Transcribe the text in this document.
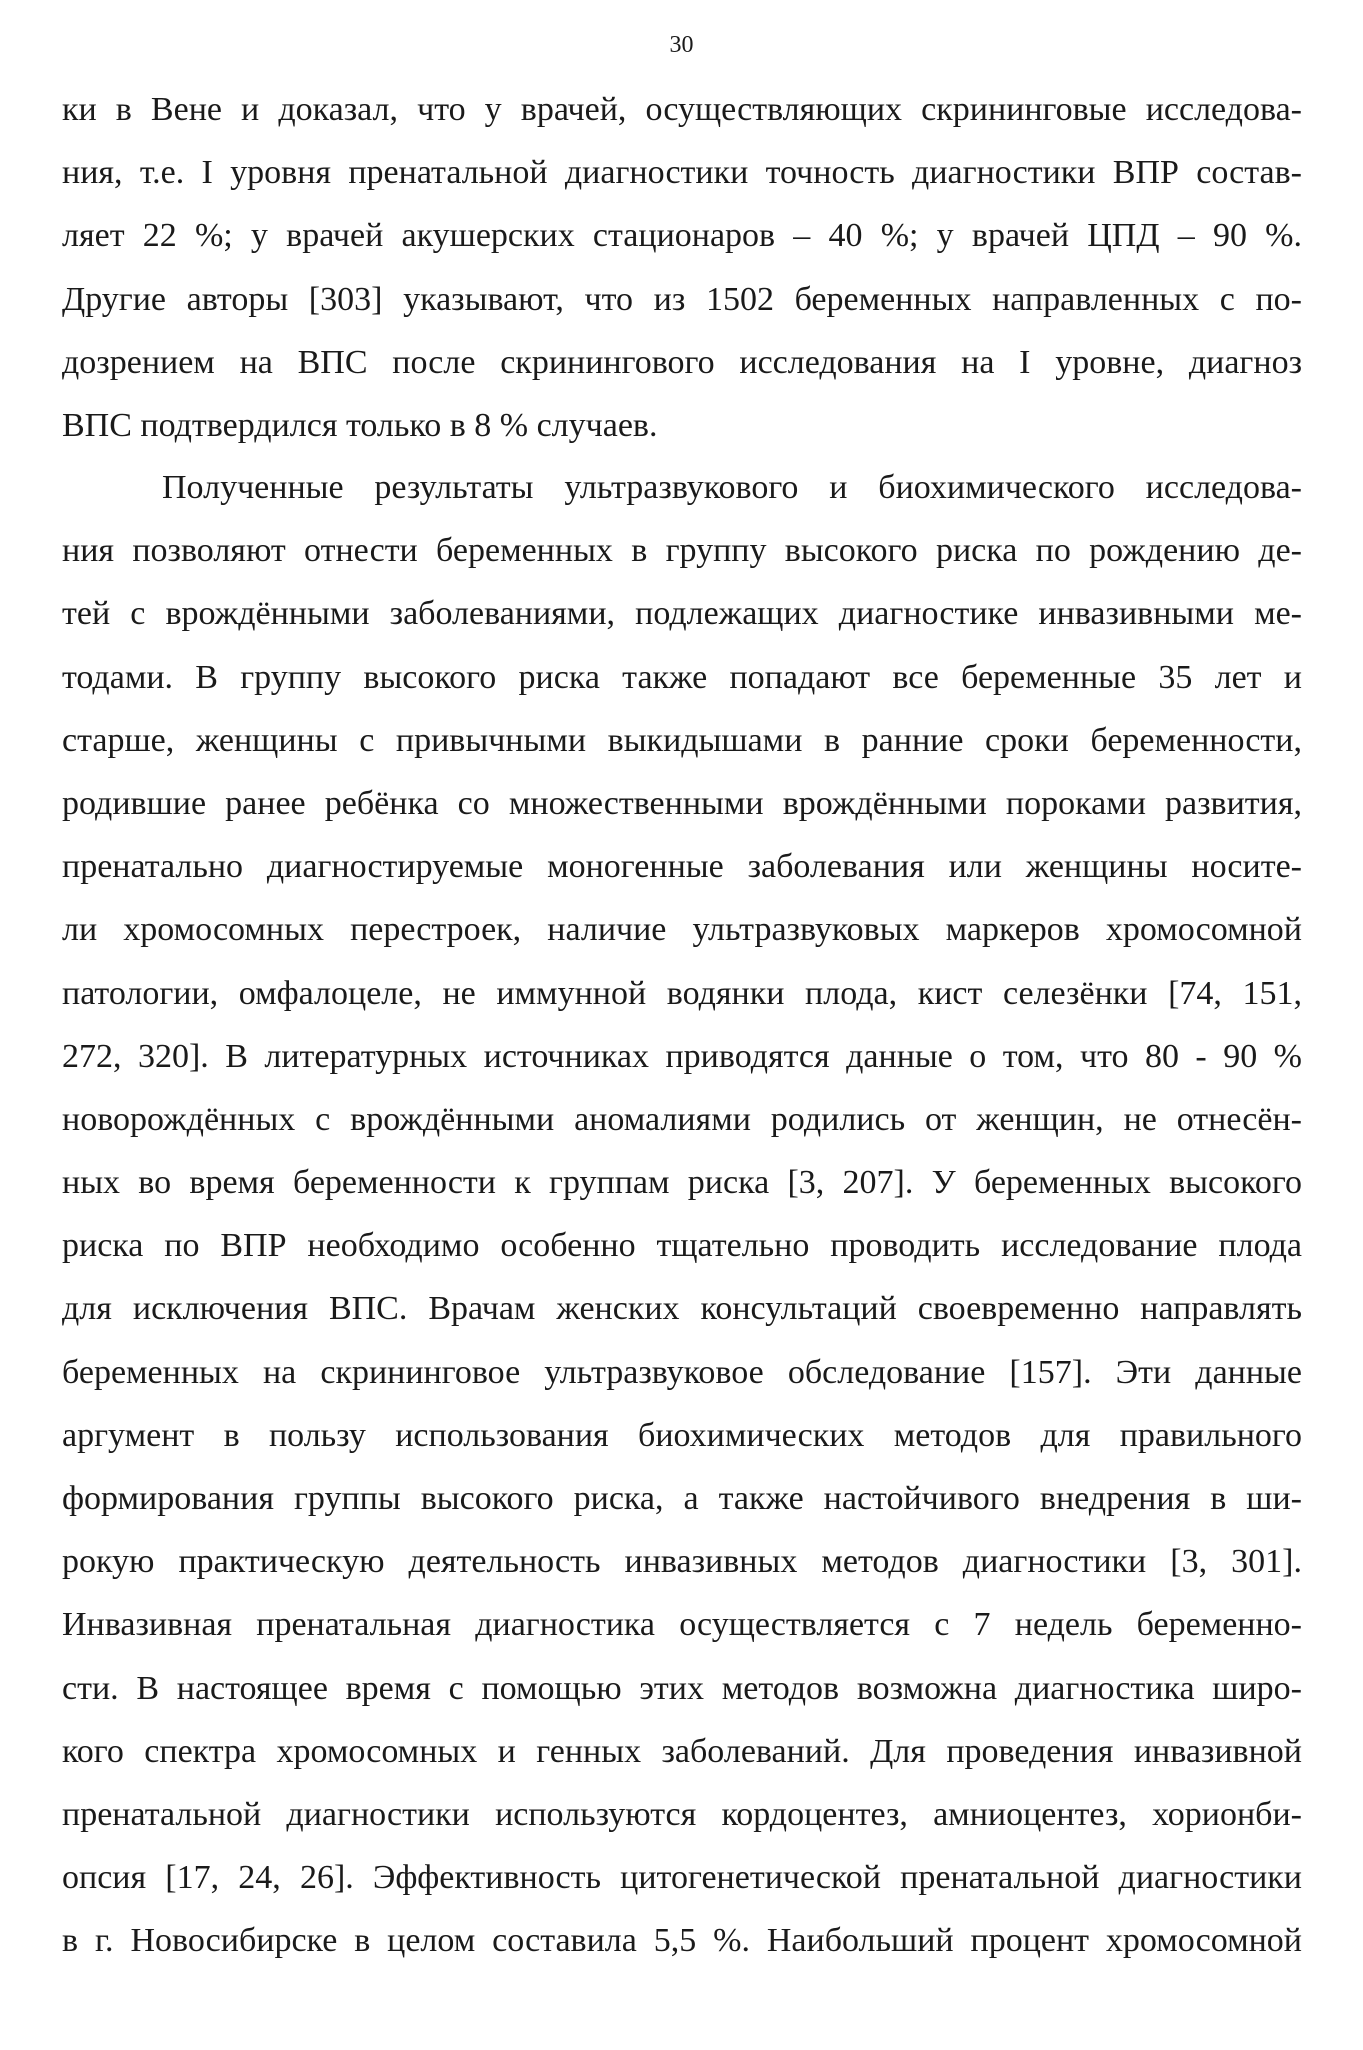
30
ки в Вене и доказал, что у врачей, осуществляющих скрининговые исследова-
ния, т.е. I уровня пренатальной диагностики точность диагностики ВПР состав-
ляет 22 %; у врачей акушерских стационаров – 40 %; у врачей ЦПД – 90 %.
Другие авторы [303] указывают, что из 1502 беременных направленных с по-
дозрением на ВПС после скринингового исследования на I уровне, диагноз
ВПС подтвердился только в 8 % случаев.
Полученные результаты ультразвукового и биохимического исследова-
ния позволяют отнести беременных в группу высокого риска по рождению де-
тей с врождёнными заболеваниями, подлежащих диагностике инвазивными ме-
тодами. В группу высокого риска также попадают все беременные 35 лет и
старше, женщины с привычными выкидышами в ранние сроки беременности,
родившие ранее ребёнка со множественными врождёнными пороками развития,
пренатально диагностируемые моногенные заболевания или женщины носите-
ли хромосомных перестроек, наличие ультразвуковых маркеров хромосомной
патологии, омфалоцеле, не иммунной водянки плода, кист селезёнки [74, 151,
272, 320]. В литературных источниках приводятся данные о том, что 80 - 90 %
новорождённых с врождёнными аномалиями родились от женщин, не отнесён-
ных во время беременности к группам риска [3, 207]. У беременных высокого
риска по ВПР необходимо особенно тщательно проводить исследование плода
для исключения ВПС. Врачам женских консультаций своевременно направлять
беременных на скрининговое ультразвуковое обследование [157]. Эти данные
аргумент в пользу использования биохимических методов для правильного
формирования группы высокого риска, а также настойчивого внедрения в ши-
рокую практическую деятельность инвазивных методов диагностики [3, 301].
Инвазивная пренатальная диагностика осуществляется с 7 недель беременно-
сти. В настоящее время с помощью этих методов возможна диагностика широ-
кого спектра хромосомных и генных заболеваний. Для проведения инвазивной
пренатальной диагностики используются кордоцентез, амниоцентез, хорионби-
опсия [17, 24, 26]. Эффективность цитогенетической пренатальной диагностики
в г. Новосибирске в целом составила 5,5 %. Наибольший процент хромосомной
